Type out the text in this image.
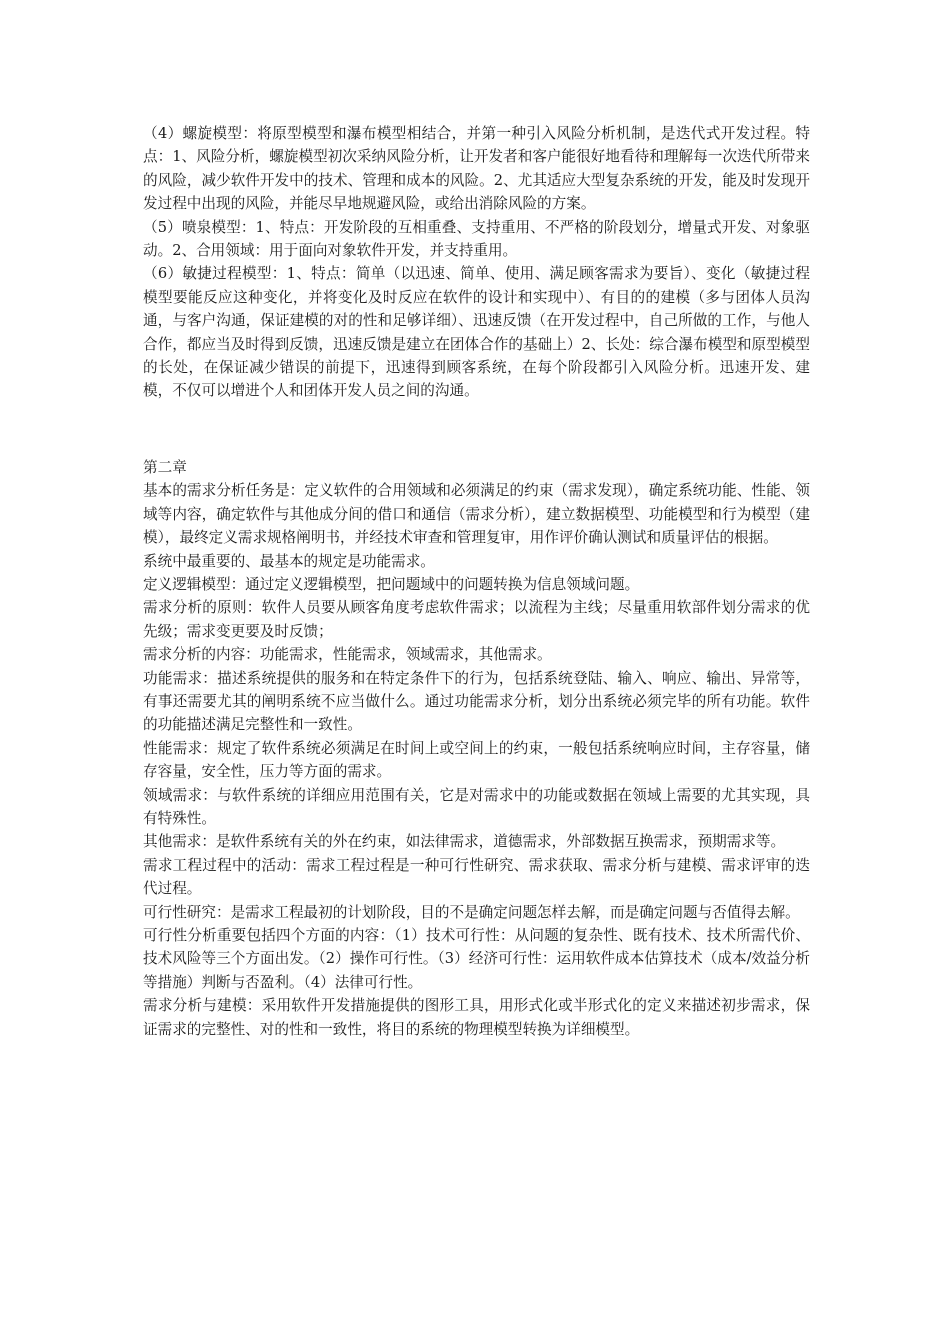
（4）螺旋模型：将原型模型和瀑布模型相结合，并第一种引入风险分析机制，是迭代式开发过程。特点：1、风险分析，螺旋模型初次采纳风险分析，让开发者和客户能很好地看待和理解每一次迭代所带来的风险，减少软件开发中的技术、管理和成本的风险。2、尤其适应大型复杂系统的开发，能及时发现开发过程中出现的风险，并能尽早地规避风险，或给出消除风险的方案。

（5）喷泉模型：1、特点：开发阶段的互相重叠、支持重用、不严格的阶段划分，增量式开发、对象驱动。2、合用领域：用于面向对象软件开发，并支持重用。

（6）敏捷过程模型：1、特点：简单（以迅速、简单、使用、满足顾客需求为要旨）、变化（敏捷过程模型要能反应这种变化，并将变化及时反应在软件的设计和实现中）、有目的的建模（多与团体人员沟通，与客户沟通，保证建模的对的性和足够详细）、迅速反馈（在开发过程中，自己所做的工作，与他人合作，都应当及时得到反馈，迅速反馈是建立在团体合作的基础上）2、长处：综合瀑布模型和原型模型的长处，在保证减少错误的前提下，迅速得到顾客系统，在每个阶段都引入风险分析。迅速开发、建模，不仅可以增进个人和团体开发人员之间的沟通。

第二章

基本的需求分析任务是：定义软件的合用领域和必须满足的约束（需求发现），确定系统功能、性能、领域等内容，确定软件与其他成分间的借口和通信（需求分析），建立数据模型、功能模型和行为模型（建模），最终定义需求规格阐明书，并经技术审查和管理复审，用作评价确认测试和质量评估的根据。

系统中最重要的、最基本的规定是功能需求。

定义逻辑模型：通过定义逻辑模型，把问题域中的问题转换为信息领域问题。

需求分析的原则：软件人员要从顾客角度考虑软件需求；以流程为主线；尽量重用软部件划分需求的优先级；需求变更要及时反馈；

需求分析的内容：功能需求，性能需求，领域需求，其他需求。

功能需求：描述系统提供的服务和在特定条件下的行为，包括系统登陆、输入、响应、输出、异常等，有事还需要尤其的阐明系统不应当做什么。通过功能需求分析，划分出系统必须完毕的所有功能。软件的功能描述满足完整性和一致性。

性能需求：规定了软件系统必须满足在时间上或空间上的约束，一般包括系统响应时间，主存容量，储存容量，安全性，压力等方面的需求。

领域需求：与软件系统的详细应用范围有关，它是对需求中的功能或数据在领域上需要的尤其实现，具有特殊性。

其他需求：是软件系统有关的外在约束，如法律需求，道德需求，外部数据互换需求，预期需求等。

需求工程过程中的活动：需求工程过程是一种可行性研究、需求获取、需求分析与建模、需求评审的迭代过程。

可行性研究：是需求工程最初的计划阶段，目的不是确定问题怎样去解，而是确定问题与否值得去解。

可行性分析重要包括四个方面的内容：（1）技术可行性：从问题的复杂性、既有技术、技术所需代价、技术风险等三个方面出发。（2）操作可行性。（3）经济可行性：运用软件成本估算技术（成本/效益分析等措施）判断与否盈利。（4）法律可行性。

需求分析与建模：采用软件开发措施提供的图形工具，用形式化或半形式化的定义来描述初步需求，保证需求的完整性、对的性和一致性，将目的系统的物理模型转换为详细模型。
